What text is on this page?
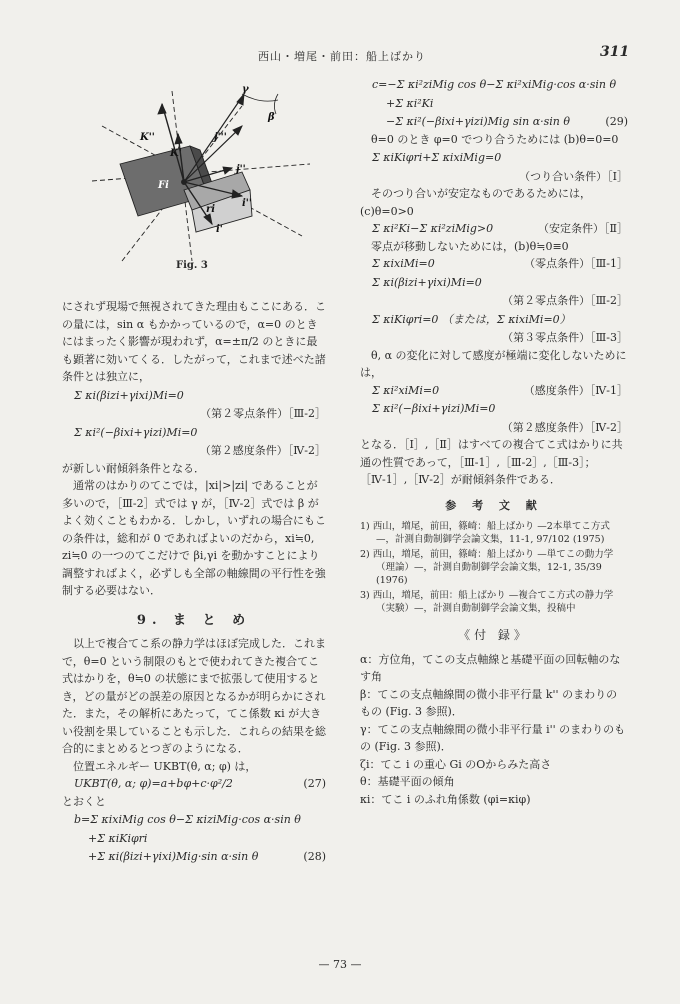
西山・増尾・前田：船上ばかり	311
γ
β
K''
K'
j'''
j''
i''
Fi
ri
i'
Fig. 3

にされず現場で無視されてきた理由もここにある．この量には，sin α もかかっているので，α=0 のときにはまったく影響が現われず，α=±π/2 のときに最も顕著に効いてくる．したがって，これまで述べた諸条件とは独立に，

Σ κi(βizi+γixi)Mi=0
（第２零点条件）［Ⅲ-2］
Σ κi²(−βixi+γizi)Mi=0
（第２感度条件）［Ⅳ-2］

が新しい耐傾斜条件となる．

通常のはかりのてこでは，|xi|>|zi| であることが多いので，［Ⅲ-2］式では γ が，［Ⅳ-2］式では β がよく効くこともわかる．しかし，いずれの場合にもこの条件は，総和が 0 であればよいのだから，xi≒0, zi≒0 の一つのてこだけで βi,γi を動かすことにより調整すればよく，必ずしも全部の軸線間の平行性を強制する必要はない．

9. ま と め

以上で複合てこ系の静力学はほぼ完成した．これまで，θ=0 という制限のもとで使われてきた複合てこ式はかりを，θ≒0 の状態にまで拡張して使用するとき，どの量がどの誤差の原因となるかが明らかにされた．また，その解析にあたって，てこ係数 κi が大きい役割を果していることも示した．これらの結果を総合的にまとめるとつぎのようになる．

位置エネルギー UKBT(θ, α; φ) は，

UKBT(θ, α; φ)=a+bφ+c·φ²/2	(27)

とおくと

b=Σ κixiMig cos θ−Σ κiziMig·cos α·sin θ
+Σ κiKiφri
+Σ κi(βizi+γixi)Mig·sin α·sin θ	(28)
c=−Σ κi²ziMig cos θ−Σ κi²xiMig·cos α·sin θ
+Σ κi²Ki
−Σ κi²(−βixi+γizi)Mig sin α·sin θ	(29)

θ=0 のとき φ=0 でつり合うためには (b)θ=0=0

Σ κiKiφri+Σ κixiMig=0
（つり合い条件）［Ⅰ］

そのつり合いが安定なものであるためには，(c)θ=0>0

Σ κi²Ki−Σ κi²ziMig>0	（安定条件）［Ⅱ］

零点が移動しないためには，(b)θ≒0≡0

Σ κixiMi=0	（零点条件）［Ⅲ-1］
Σ κi(βizi+γixi)Mi=0
（第２零点条件）［Ⅲ-2］
Σ κiKiφri=0 （または，Σ κixiMi=0）
（第３零点条件）［Ⅲ-3］

θ, α の変化に対して感度が極端に変化しないためには，

Σ κi²xiMi=0	（感度条件）［Ⅳ-1］
Σ κi²(−βixi+γizi)Mi=0
（第２感度条件）［Ⅳ-2］

となる．［Ⅰ］,［Ⅱ］はすべての複合てこ式はかりに共通の性質であって，［Ⅲ-1］,［Ⅲ-2］,［Ⅲ-3］；［Ⅳ-1］,［Ⅳ-2］が耐傾斜条件である．

参 考 文 献
1) 西山，増尾，前田，篠崎：船上ばかり —2本単てこ方式—，計測自動制御学会論文集，11-1, 97/102 (1975)
2) 西山，増尾，前田，篠崎：船上ばかり —単てこの動力学（理論）—，計測自動制御学会論文集，12-1, 35/39 (1976)
3) 西山，増尾，前田：船上ばかり —複合てこ方式の静力学（実験）—，計測自動制御学会論文集，投稿中
《付 録》

α：方位角，てこの支点軸線と基礎平面の回転軸のなす角

β：てこの支点軸線間の微小非平行量 k'' のまわりのもの (Fig. 3 参照)．

γ：てこの支点軸線間の微小非平行量 i'' のまわりのもの (Fig. 3 参照)．

ζi：てこ i の重心 Gi のOからみた高さ

θ：基礎平面の傾角

κi：てこ i のふれ角係数 (φi=κiφ)

— 73 —
